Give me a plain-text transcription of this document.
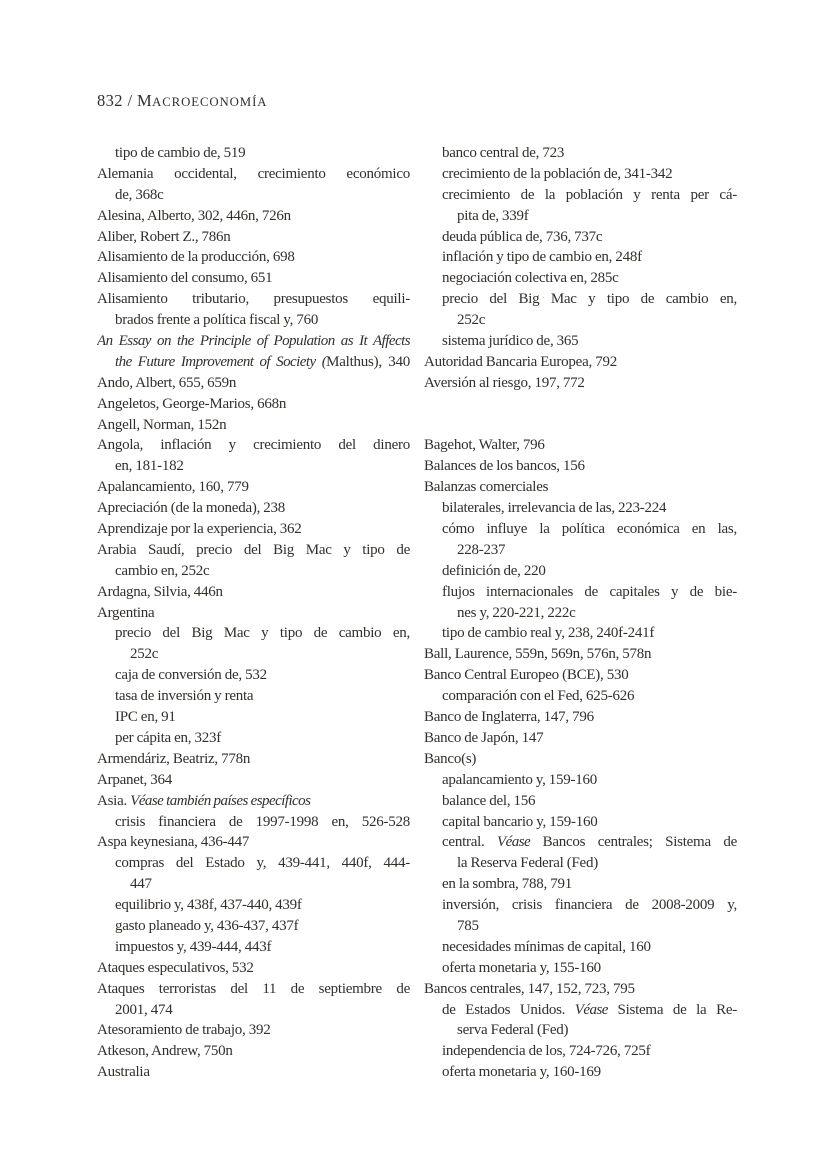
832 / MACROECONOMÍA
tipo de cambio de, 519
Alemania occidental, crecimiento económico
de, 368c
Alesina, Alberto, 302, 446n, 726n
Aliber, Robert Z., 786n
Alisamiento de la producción, 698
Alisamiento del consumo, 651
Alisamiento tributario, presupuestos equili-
brados frente a política fiscal y, 760
An Essay on the Principle of Population as It Affects
the Future Improvement of Society (Malthus), 340
Ando, Albert, 655, 659n
Angeletos, George-Marios, 668n
Angell, Norman, 152n
Angola, inflación y crecimiento del dinero
en, 181-182
Apalancamiento, 160, 779
Apreciación (de la moneda), 238
Aprendizaje por la experiencia, 362
Arabia Saudí, precio del Big Mac y tipo de
cambio en, 252c
Ardagna, Silvia, 446n
Argentina
precio del Big Mac y tipo de cambio en,
252c
caja de conversión de, 532
tasa de inversión y renta
IPC en, 91
per cápita en, 323f
Armendáriz, Beatriz, 778n
Arpanet, 364
Asia. Véase también países específicos
crisis financiera de 1997-1998 en, 526-528
Aspa keynesiana, 436-447
compras del Estado y, 439-441, 440f, 444-
447
equilibrio y, 438f, 437-440, 439f
gasto planeado y, 436-437, 437f
impuestos y, 439-444, 443f
Ataques especulativos, 532
Ataques terroristas del 11 de septiembre de
2001, 474
Atesoramiento de trabajo, 392
Atkeson, Andrew, 750n
Australia
banco central de, 723
crecimiento de la población de, 341-342
crecimiento de la población y renta per cá-
pita de, 339f
deuda pública de, 736, 737c
inflación y tipo de cambio en, 248f
negociación colectiva en, 285c
precio del Big Mac y tipo de cambio en,
252c
sistema jurídico de, 365
Autoridad Bancaria Europea, 792
Aversión al riesgo, 197, 772
Bagehot, Walter, 796
Balances de los bancos, 156
Balanzas comerciales
bilaterales, irrelevancia de las, 223-224
cómo influye la política económica en las,
228-237
definición de, 220
flujos internacionales de capitales y de bie-
nes y, 220-221, 222c
tipo de cambio real y, 238, 240f-241f
Ball, Laurence, 559n, 569n, 576n, 578n
Banco Central Europeo (BCE), 530
comparación con el Fed, 625-626
Banco de Inglaterra, 147, 796
Banco de Japón, 147
Banco(s)
apalancamiento y, 159-160
balance del, 156
capital bancario y, 159-160
central. Véase Bancos centrales; Sistema de
la Reserva Federal (Fed)
en la sombra, 788, 791
inversión, crisis financiera de 2008-2009 y,
785
necesidades mínimas de capital, 160
oferta monetaria y, 155-160
Bancos centrales, 147, 152, 723, 795
de Estados Unidos. Véase Sistema de la Re-
serva Federal (Fed)
independencia de los, 724-726, 725f
oferta monetaria y, 160-169
